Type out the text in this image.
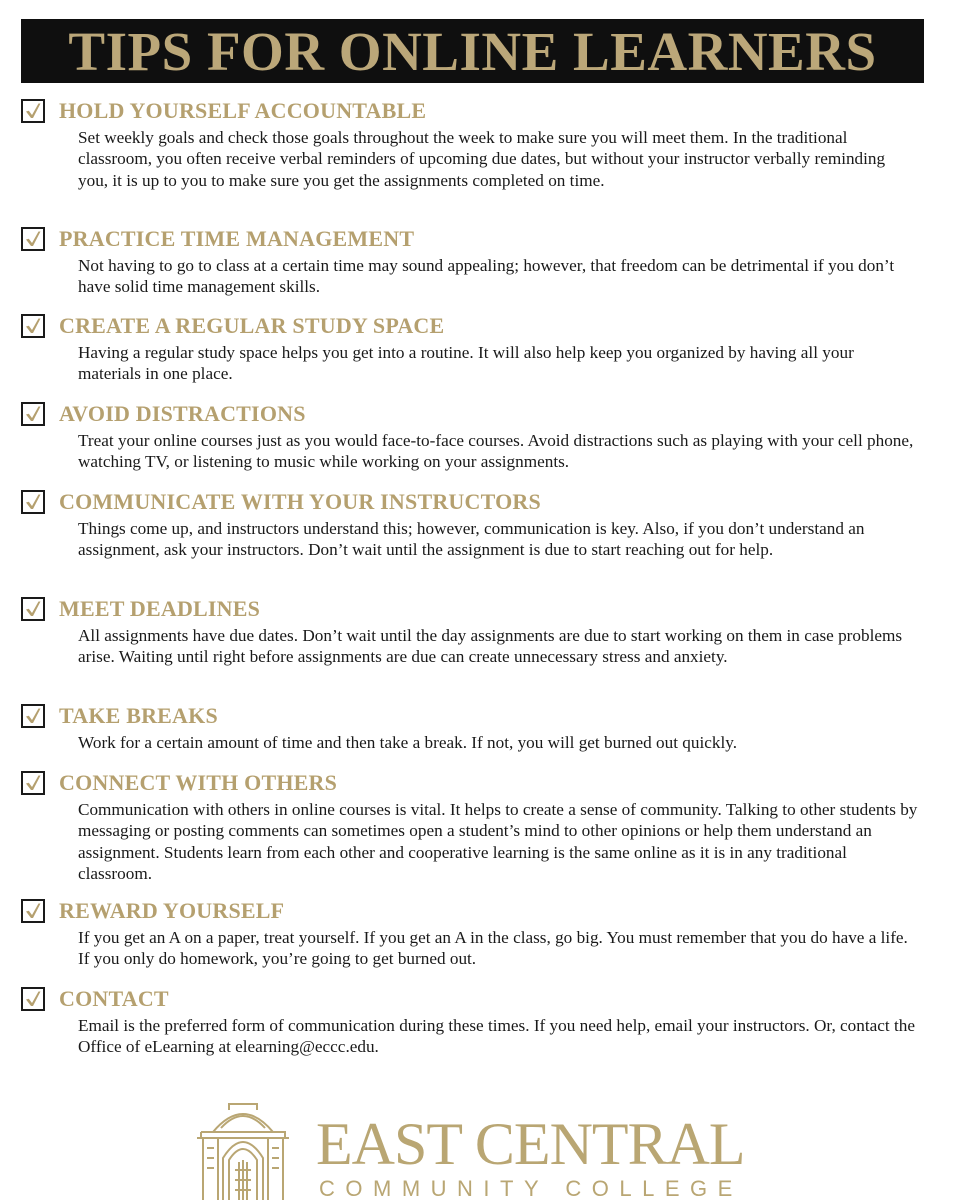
TIPS FOR ONLINE LEARNERS
HOLD YOURSELF ACCOUNTABLE
Set weekly goals and check those goals throughout the week to make sure you will meet them. In the traditional classroom, you often receive verbal reminders of upcoming due dates, but without your instructor verbally reminding you, it is up to you to make sure you get the assignments completed on time.
PRACTICE TIME MANAGEMENT
Not having to go to class at a certain time may sound appealing; however, that freedom can be detrimental if you don’t have solid time management skills.
CREATE A REGULAR STUDY SPACE
Having a regular study space helps you get into a routine. It will also help keep you organized by having all your materials in one place.
AVOID DISTRACTIONS
Treat your online courses just as you would face-to-face courses. Avoid distractions such as playing with your cell phone, watching TV, or listening to music while working on your assignments.
COMMUNICATE WITH YOUR INSTRUCTORS
Things come up, and instructors understand this; however, communication is key. Also, if you don’t understand an assignment, ask your instructors. Don’t wait until the assignment is due to start reaching out for help.
MEET DEADLINES
All assignments have due dates. Don’t wait until the day assignments are due to start working on them in case problems arise. Waiting until right before assignments are due can create unnecessary stress and anxiety.
TAKE BREAKS
Work for a certain amount of time and then take a break. If not, you will get burned out quickly.
CONNECT WITH OTHERS
Communication with others in online courses is vital. It helps to create a sense of community. Talking to other students by messaging or posting comments can sometimes open a student’s mind to other opinions or help them understand an assignment. Students learn from each other and cooperative learning is the same online as it is in any traditional classroom.
REWARD YOURSELF
If you get an A on a paper, treat yourself. If you get an A in the class, go big. You must remember that you do have a life. If you only do homework, you’re going to get burned out.
CONTACT
Email is the preferred form of communication during these times. If you need help, email your instructors. Or, contact the Office of eLearning at elearning@eccc.edu.
EAST CENTRAL
COMMUNITY COLLEGE
